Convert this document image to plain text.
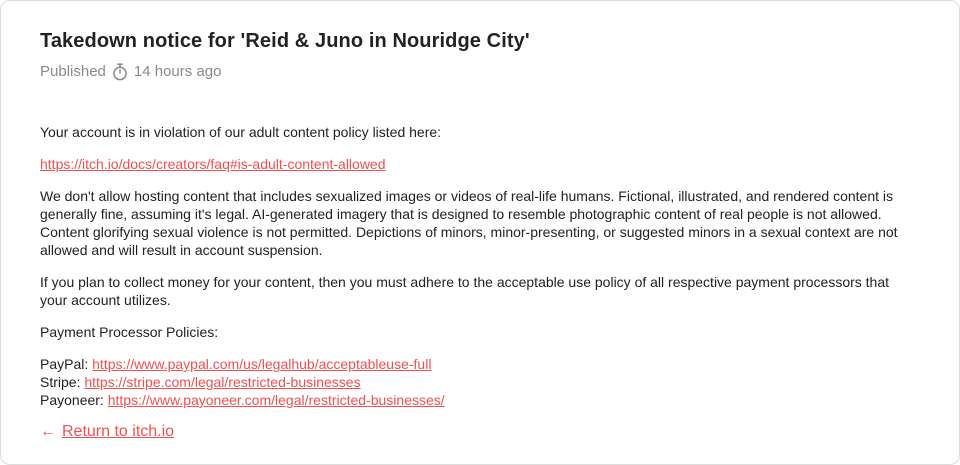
Takedown notice for 'Reid & Juno in Nouridge City'
Published 14 hours ago

Your account is in violation of our adult content policy listed here:

https://itch.io/docs/creators/faq#is-adult-content-allowed

We don't allow hosting content that includes sexualized images or videos of real-life humans. Fictional, illustrated, and rendered content is generally fine, assuming it's legal. AI-generated imagery that is designed to resemble photographic content of real people is not allowed. Content glorifying sexual violence is not permitted. Depictions of minors, minor-presenting, or suggested minors in a sexual context are not allowed and will result in account suspension.

If you plan to collect money for your content, then you must adhere to the acceptable use policy of all respective payment processors that your account utilizes.

Payment Processor Policies:

PayPal: https://www.paypal.com/us/legalhub/acceptableuse-full
Stripe: https://stripe.com/legal/restricted-businesses
Payoneer: https://www.payoneer.com/legal/restricted-businesses/

← Return to itch.io
